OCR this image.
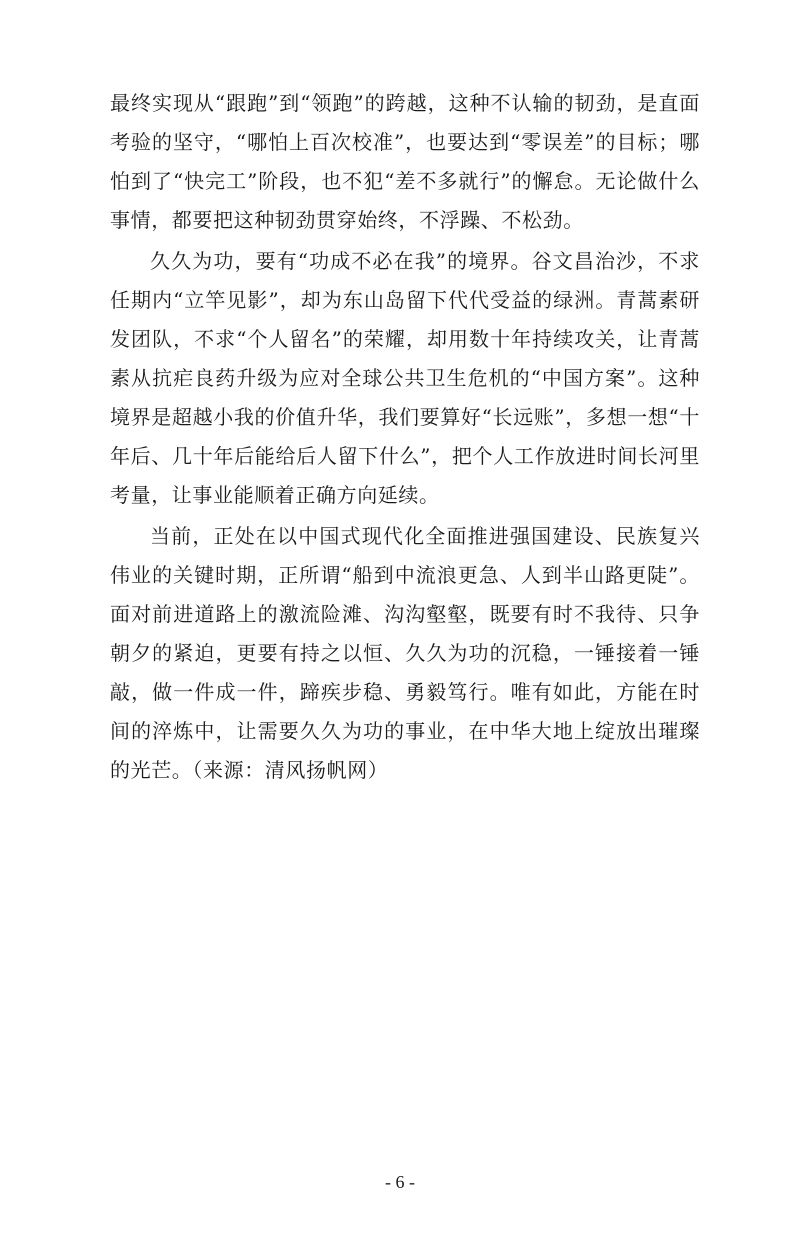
最终实现从“跟跑”到“领跑”的跨越，这种不认输的韧劲，是直面考验的坚守，“哪怕上百次校准”，也要达到“零误差”的目标；哪怕到了“快完工”阶段，也不犯“差不多就行”的懈怠。无论做什么事情，都要把这种韧劲贯穿始终，不浮躁、不松劲。

久久为功，要有“功成不必在我”的境界。谷文昌治沙，不求任期内“立竿见影”，却为东山岛留下代代受益的绿洲。青蒿素研发团队，不求“个人留名”的荣耀，却用数十年持续攻关，让青蒿素从抗疟良药升级为应对全球公共卫生危机的“中国方案”。这种境界是超越小我的价值升华，我们要算好“长远账”，多想一想“十年后、几十年后能给后人留下什么”，把个人工作放进时间长河里考量，让事业能顺着正确方向延续。

当前，正处在以中国式现代化全面推进强国建设、民族复兴伟业的关键时期，正所谓“船到中流浪更急、人到半山路更陡”。面对前进道路上的激流险滩、沟沟壑壑，既要有时不我待、只争朝夕的紧迫，更要有持之以恒、久久为功的沉稳，一锤接着一锤敲，做一件成一件，蹄疾步稳、勇毅笃行。唯有如此，方能在时间的淬炼中，让需要久久为功的事业，在中华大地上绽放出璀璨的光芒。（来源：清风扬帆网）

- 6 -
